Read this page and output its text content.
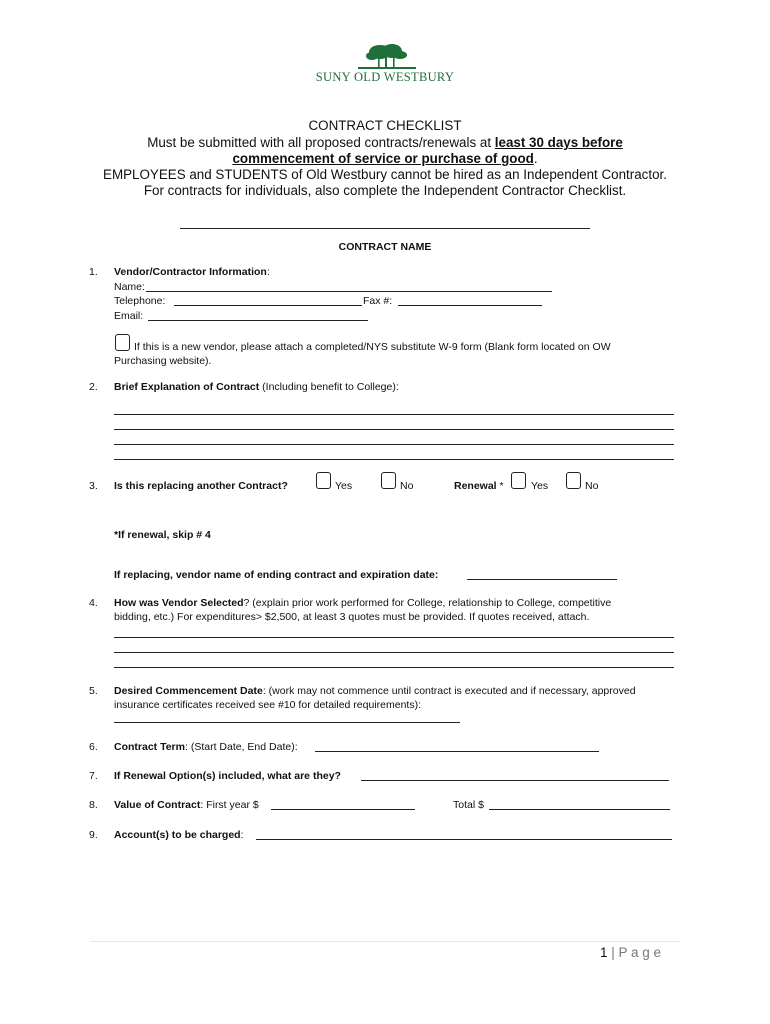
SUNY OLD WESTBURY
CONTRACT CHECKLIST
Must be submitted with all proposed contracts/renewals at least 30 days before
commencement of service or purchase of good.
EMPLOYEES and STUDENTS of Old Westbury cannot be hired as an Independent Contractor.
For contracts for individuals, also complete the Independent Contractor Checklist.
CONTRACT NAME
1. Vendor/Contractor Information:
Name:
Telephone:	Fax #:
Email:
If this is a new vendor, please attach a completed/NYS substitute W-9 form (Blank form located on OW
Purchasing website).
2. Brief Explanation of Contract (Including benefit to College):
3. Is this replacing another Contract?	Yes	No	Renewal *	Yes	No
*If renewal, skip # 4
If replacing, vendor name of ending contract and expiration date:
4. How was Vendor Selected? (explain prior work performed for College, relationship to College, competitive
bidding, etc.) For expenditures> $2,500, at least 3 quotes must be provided. If quotes received, attach.
5. Desired Commencement Date: (work may not commence until contract is executed and if necessary, approved
insurance certificates received see #10 for detailed requirements):
6. Contract Term: (Start Date, End Date):
7. If Renewal Option(s) included, what are they?
8. Value of Contract: First year $	Total $
9. Account(s) to be charged:
1 | P a g e
